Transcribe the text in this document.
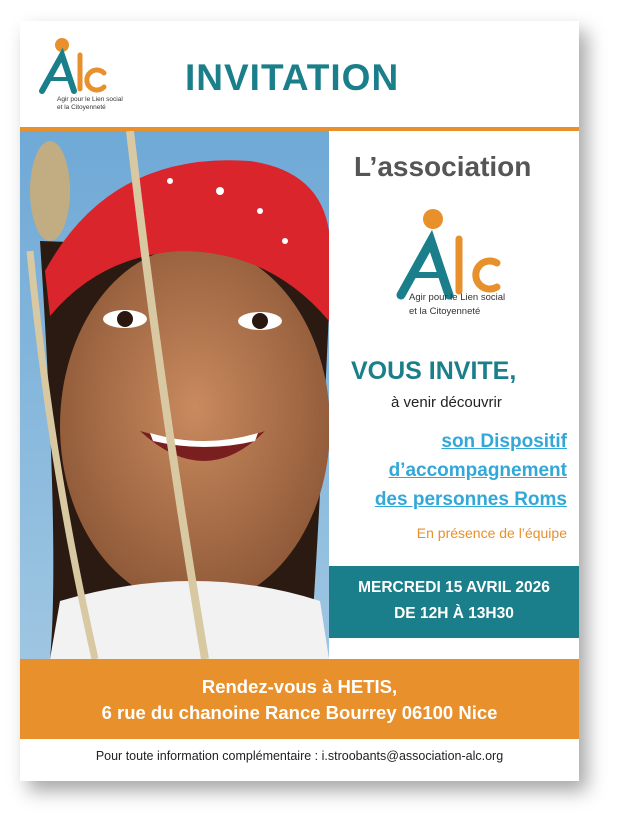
Agir pour le Lien social
et la Citoyenneté
INVITATION
L’association
Agir pour le Lien social
et la Citoyenneté
VOUS INVITE,
à venir découvrir
son Dispositif
d’accompagnement
des personnes Roms
En présence de l’équipe
MERCREDI 15 AVRIL 2026
DE 12H À 13H30
Rendez-vous à HETIS,
6 rue du chanoine Rance Bourrey 06100 Nice
Pour toute information complémentaire : i.stroobants@association-alc.org
